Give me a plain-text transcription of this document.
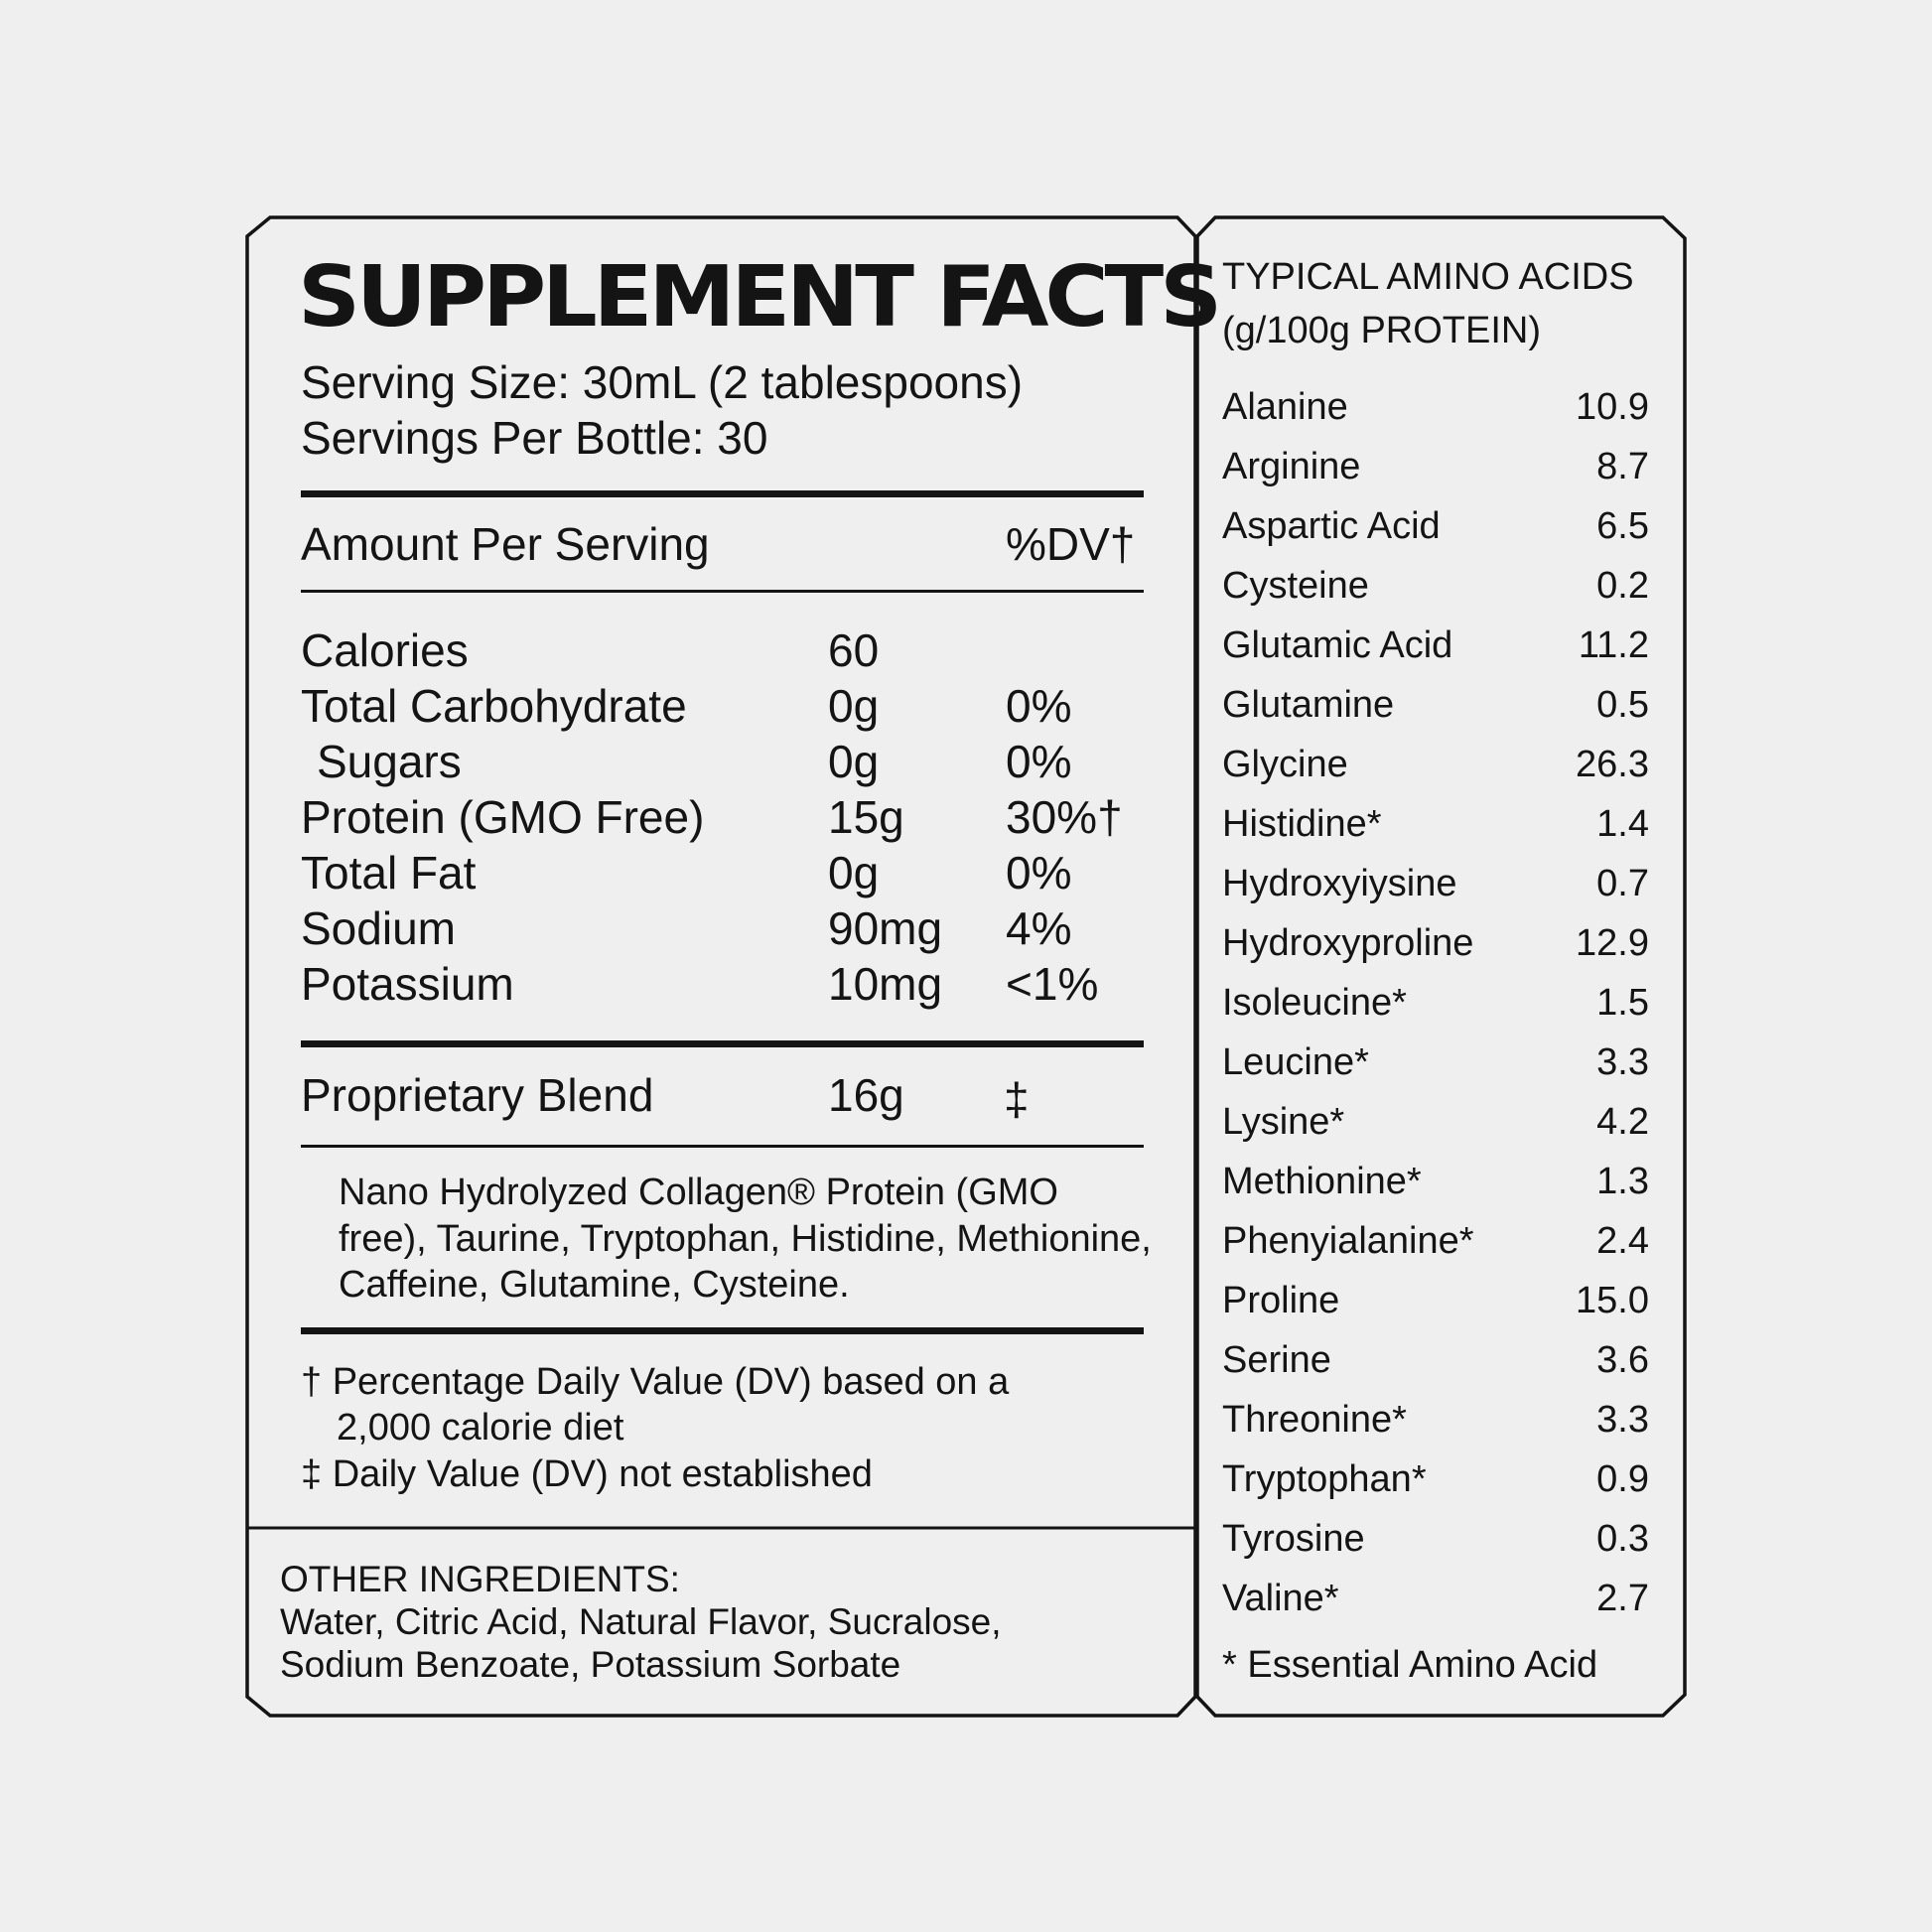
SUPPLEMENT FACTS
Serving Size: 30mL (2 tablespoons)
Servings Per Bottle: 30
Amount Per Serving	%DV†
Calories	60
Total Carbohydrate	0g	0%
Sugars	0g	0%
Protein (GMO Free)	15g 30%†
Total Fat	0g	0%
Sodium	90mg 4%
Potassium	10mg <1%
Proprietary Blend	16g ‡
Nano Hydrolyzed Collagen® Protein (GMO free), Taurine, Tryptophan, Histidine, Methionine, Caffeine, Glutamine, Cysteine.
† Percentage Daily Value (DV) based on a
2,000 calorie diet
‡ Daily Value (DV) not established
OTHER INGREDIENTS:
Water, Citric Acid, Natural Flavor, Sucralose,
Sodium Benzoate, Potassium Sorbate
TYPICAL AMINO ACIDS
(g/100g PROTEIN)
Alanine	10.9
Arginine	8.7
Aspartic Acid	6.5
Cysteine	0.2
Glutamic Acid	11.2
Glutamine	0.5
Glycine	26.3
Histidine*	1.4
Hydroxyiysine	0.7
Hydroxyproline	12.9
Isoleucine*	1.5
Leucine*	3.3
Lysine*	4.2
Methionine*	1.3
Phenyialanine*	2.4
Proline	15.0
Serine	3.6
Threonine*	3.3
Tryptophan*	0.9
Tyrosine	0.3
Valine*	2.7
* Essential Amino Acid
